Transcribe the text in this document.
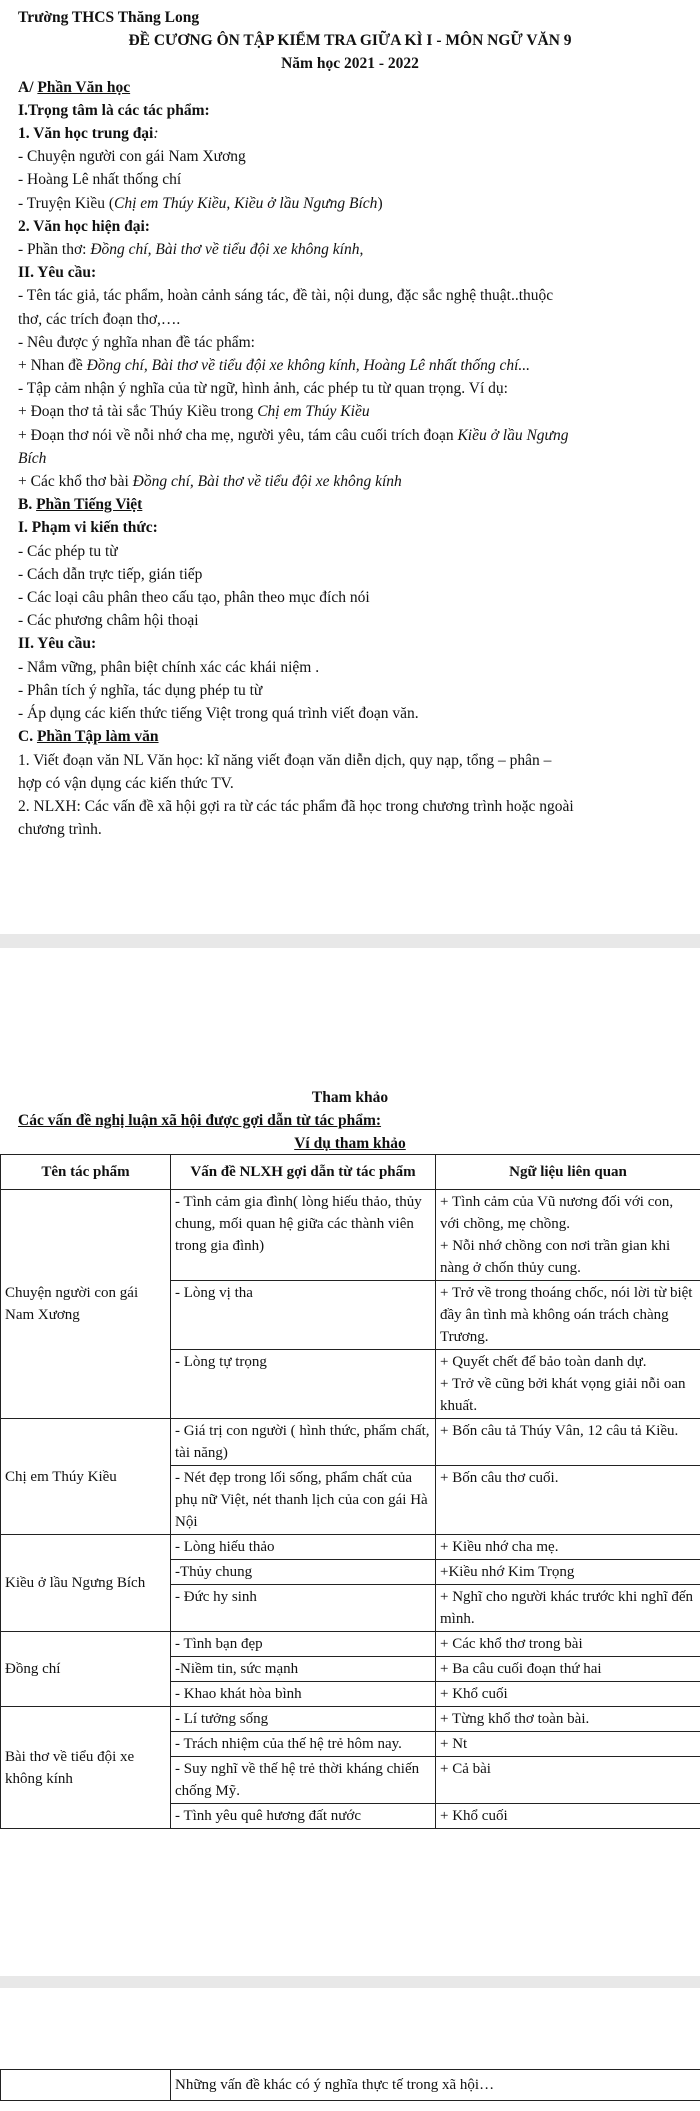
Trường THCS Thăng Long
ĐỀ CƯƠNG ÔN TẬP KIỂM TRA GIỮA KÌ I - MÔN NGỮ VĂN 9
Năm học 2021 - 2022
A/ Phần Văn học
I.Trọng tâm là các tác phẩm:
1. Văn học trung đại:
- Chuyện người con gái Nam Xương
- Hoàng Lê nhất thống chí
- Truyện Kiều (Chị em Thúy Kiều, Kiều ở lầu Ngưng Bích)
2. Văn học hiện đại:
- Phần thơ: Đồng chí, Bài thơ về tiểu đội xe không kính,
II. Yêu cầu:
- Tên tác giả, tác phẩm, hoàn cảnh sáng tác, đề tài, nội dung, đặc sắc nghệ thuật..thuộc
thơ, các trích đoạn thơ,….
- Nêu được ý nghĩa nhan đề tác phẩm:
+ Nhan đề Đồng chí, Bài thơ về tiểu đội xe không kính, Hoàng Lê nhất thống chí...
- Tập cảm nhận ý nghĩa của từ ngữ, hình ảnh, các phép tu từ quan trọng. Ví dụ:
+ Đoạn thơ tả tài sắc Thúy Kiều trong Chị em Thúy Kiều
+ Đoạn thơ nói về nỗi nhớ cha mẹ, người yêu, tám câu cuối trích đoạn Kiều ở lầu Ngưng
Bích
+ Các khổ thơ bài Đồng chí, Bài thơ về tiểu đội xe không kính
B. Phần Tiếng Việt
I. Phạm vi kiến thức:
- Các phép tu từ
- Cách dẫn trực tiếp, gián tiếp
- Các loại câu phân theo cấu tạo, phân theo mục đích nói
- Các phương châm hội thoại
II. Yêu cầu:
- Nắm vững, phân biệt chính xác các khái niệm .
- Phân tích ý nghĩa, tác dụng phép tu từ
- Áp dụng các kiến thức tiếng Việt trong quá trình viết đoạn văn.
C. Phần Tập làm văn
1. Viết đoạn văn NL Văn học: kĩ năng viết đoạn văn diễn dịch, quy nạp, tổng – phân –
hợp có vận dụng các kiến thức TV.
2. NLXH: Các vấn đề xã hội gợi ra từ các tác phẩm đã học trong chương trình hoặc ngoài
chương trình.
Tham khảo
Các vấn đề nghị luận xã hội được gợi dẫn từ tác phẩm:
Ví dụ tham khảo
Tên tác phẩm	Vấn đề NLXH gợi dẫn từ tác phẩm	Ngữ liệu liên quan
Chuyện người con gái Nam Xương	- Tình cảm gia đình( lòng hiếu thảo, thủy chung, mối quan hệ giữa các thành viên trong gia đình)	+ Tình cảm của Vũ nương đối với con, với chồng, mẹ chồng.
+ Nỗi nhớ chồng con nơi trần gian khi nàng ở chốn thủy cung.
	- Lòng vị tha	+ Trở về trong thoáng chốc, nói lời từ biệt đầy ân tình mà không oán trách chàng Trương.
	- Lòng tự trọng	+ Quyết chết để bảo toàn danh dự.
+ Trở về cũng bởi khát vọng giải nỗi oan khuất.
Chị em Thúy Kiều	- Giá trị con người ( hình thức, phẩm chất, tài năng)	+ Bốn câu tả Thúy Vân, 12 câu tả Kiều.
	- Nét đẹp trong lối sống, phẩm chất của phụ nữ Việt, nét thanh lịch của con gái Hà Nội	+ Bốn câu thơ cuối.
Kiều ở lầu Ngưng Bích	- Lòng hiếu thảo	+ Kiều nhớ cha mẹ.
	-Thủy chung	+Kiều nhớ Kim Trọng
	- Đức hy sinh	+ Nghĩ cho người khác trước khi nghĩ đến mình.
Đồng chí	- Tình bạn đẹp	+ Các khổ thơ trong bài
	-Niềm tin, sức mạnh	+ Ba câu cuối đoạn thứ hai
	- Khao khát hòa bình	+ Khổ cuối
Bài thơ về tiểu đội xe không kính	- Lí tưởng sống	+ Từng khổ thơ toàn bài.
	- Trách nhiệm của thế hệ trẻ hôm nay.	+ Nt
	- Suy nghĩ về thế hệ trẻ thời kháng chiến chống Mỹ.	+ Cả bài
	- Tình yêu quê hương đất nước	+ Khổ cuối
	Những vấn đề khác có ý nghĩa thực tế trong xã hội…
